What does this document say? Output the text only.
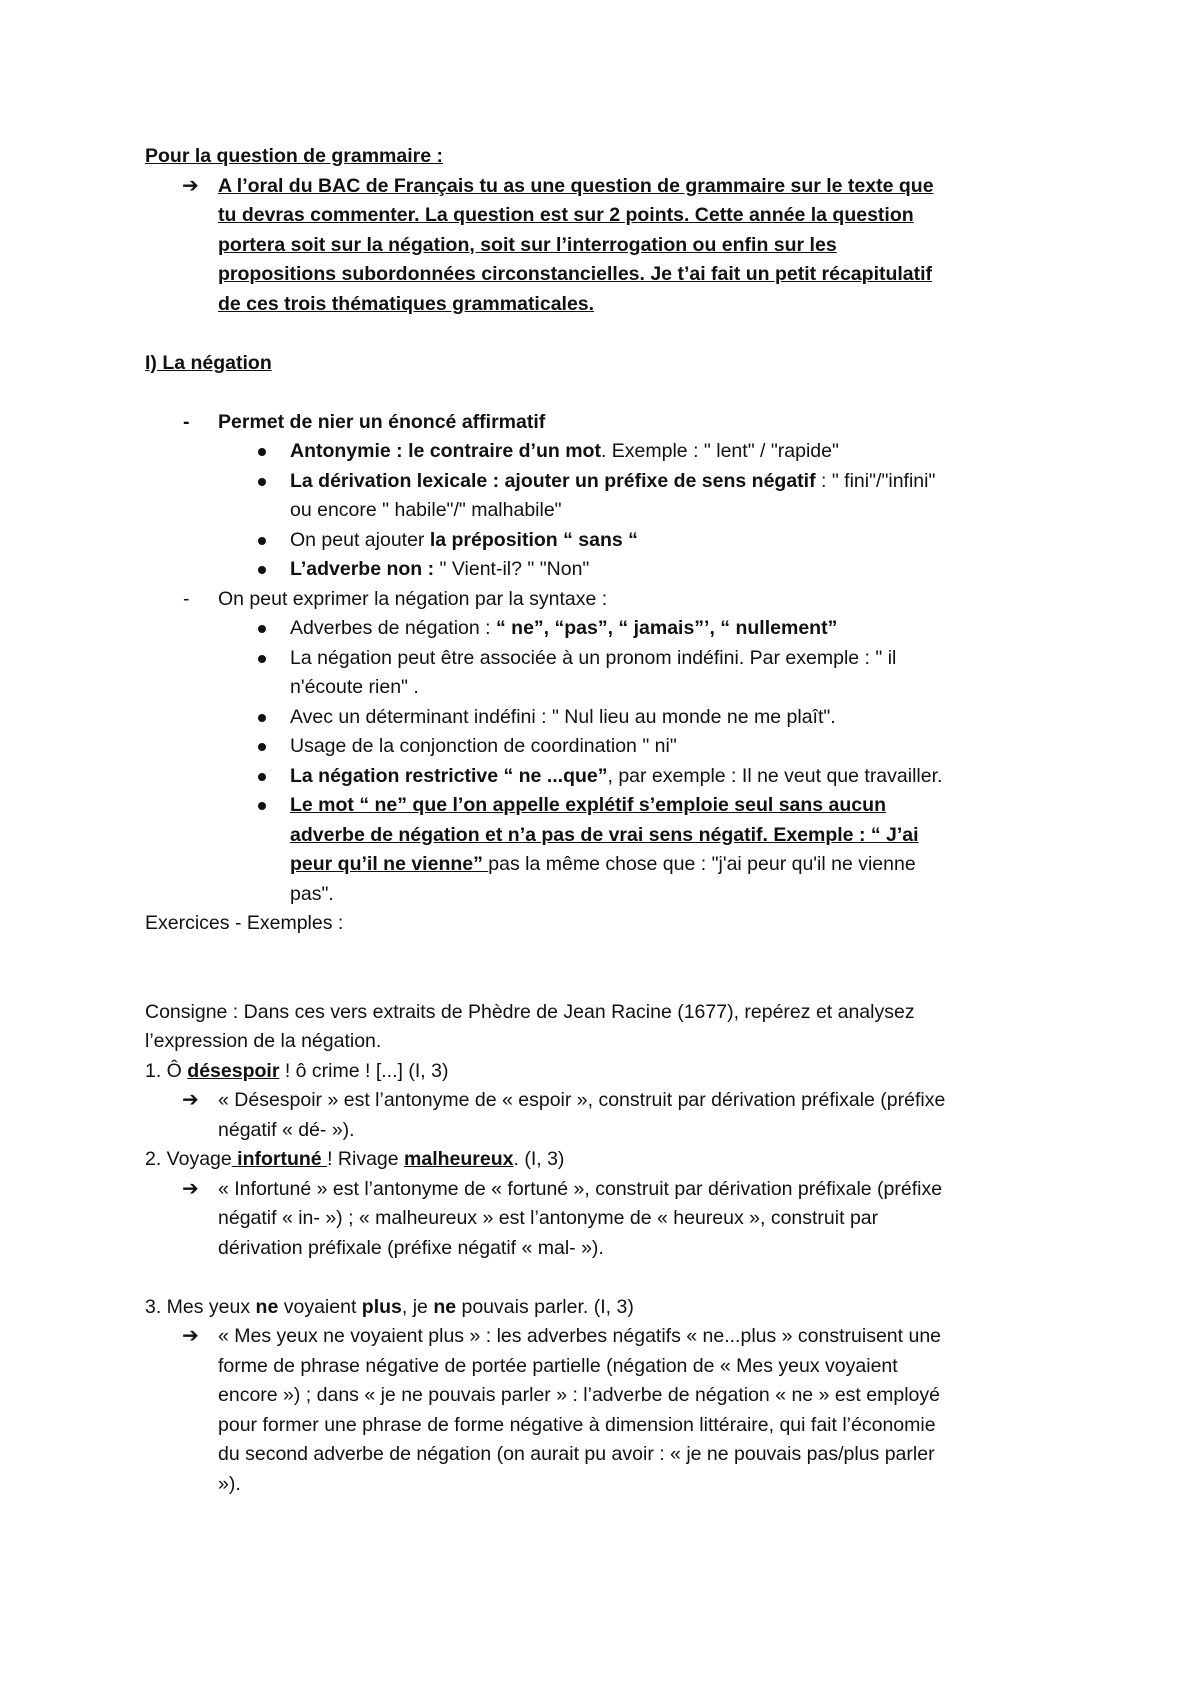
Pour la question de grammaire :
➔ A l’oral du BAC de Français tu as une question de grammaire sur le texte que
tu devras commenter. La question est sur 2 points. Cette année la question
portera soit sur la négation, soit sur l’interrogation ou enfin sur les
propositions subordonnées circonstancielles. Je t’ai fait un petit récapitulatif
de ces trois thématiques grammaticales.
I) La négation
- Permet de nier un énoncé affirmatif
Antonymie : le contraire d’un mot. Exemple : " lent" / "rapide"
La dérivation lexicale : ajouter un préfixe de sens négatif : " fini"/"infini"
ou encore " habile"/" malhabile"
On peut ajouter la préposition “ sans “
L’adverbe non : " Vient-il? " "Non"
- On peut exprimer la négation par la syntaxe :
Adverbes de négation : “ ne”, “pas”, “ jamais”’, “ nullement”
La négation peut être associée à un pronom indéfini. Par exemple : " il
n'écoute rien" .
Avec un déterminant indéfini : " Nul lieu au monde ne me plaît".
Usage de la conjonction de coordination " ni"
La négation restrictive “ ne ...que”, par exemple : Il ne veut que travailler.
Le mot “ ne” que l’on appelle explétif s’emploie seul sans aucun
adverbe de négation et n’a pas de vrai sens négatif. Exemple : “ J’ai
peur qu’il ne vienne” pas la même chose que : "j'ai peur qu'il ne vienne
pas".
Exercices - Exemples :
Consigne : Dans ces vers extraits de Phèdre de Jean Racine (1677), repérez et analysez
l’expression de la négation.
1. Ô désespoir ! ô crime ! [...] (I, 3)
➔ « Désespoir » est l’antonyme de « espoir », construit par dérivation préfixale (préfixe
négatif « dé- »).
2. Voyage infortuné ! Rivage malheureux. (I, 3)
➔ « Infortuné » est l’antonyme de « fortuné », construit par dérivation préfixale (préfixe
négatif « in- ») ; « malheureux » est l’antonyme de « heureux », construit par
dérivation préfixale (préfixe négatif « mal- »).
3. Mes yeux ne voyaient plus, je ne pouvais parler. (I, 3)
➔ « Mes yeux ne voyaient plus » : les adverbes négatifs « ne...plus » construisent une
forme de phrase négative de portée partielle (négation de « Mes yeux voyaient
encore ») ; dans « je ne pouvais parler » : l’adverbe de négation « ne » est employé
pour former une phrase de forme négative à dimension littéraire, qui fait l’économie
du second adverbe de négation (on aurait pu avoir : « je ne pouvais pas/plus parler
»).
